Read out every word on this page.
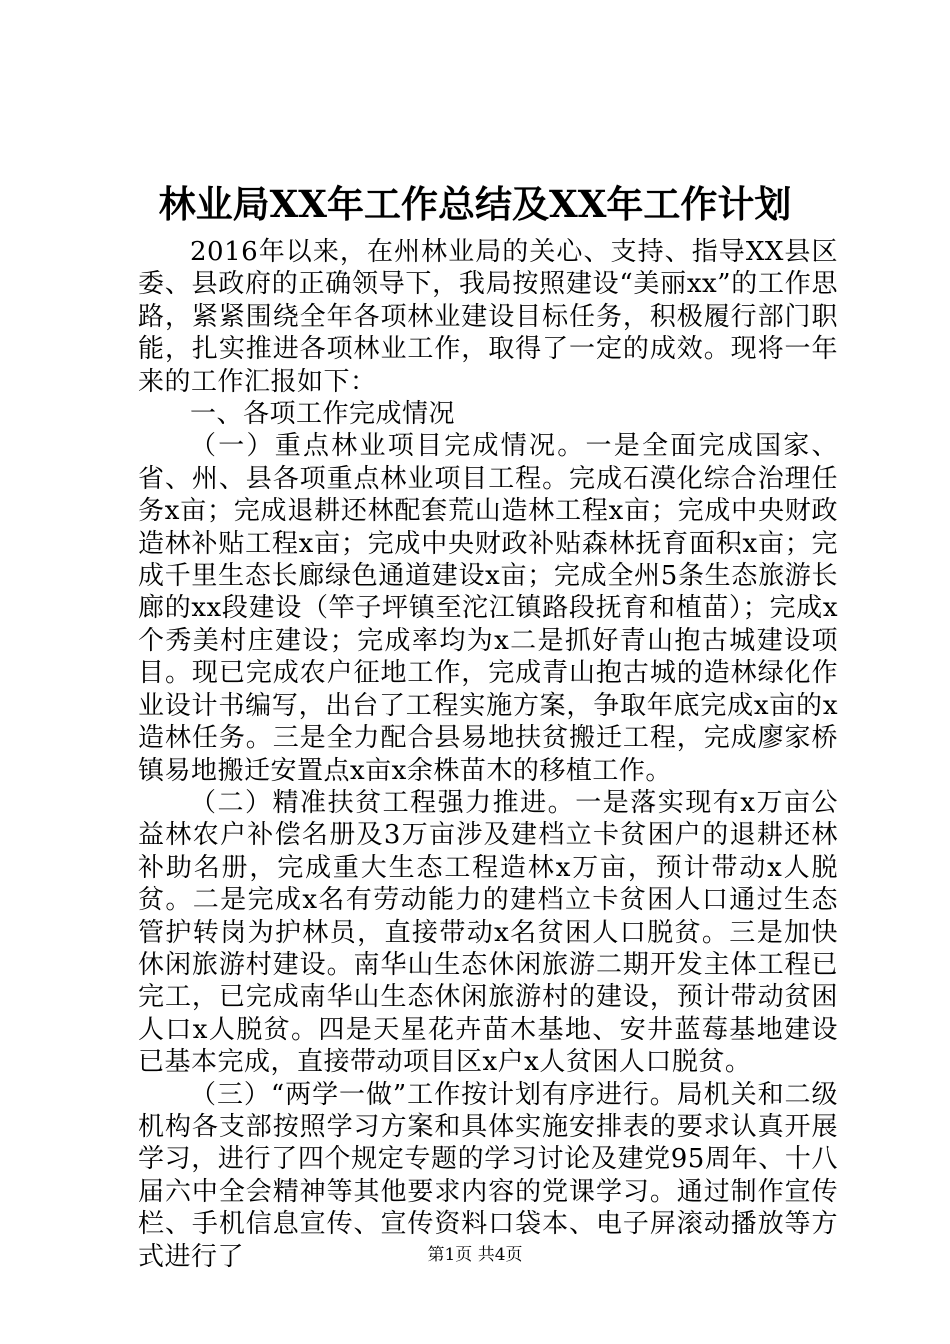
林业局XX年工作总结及XX年工作计划

2016年以来，在州林业局的关心、支持、指导XX县区委、县政府的正确领导下，我局按照建设“美丽xx”的工作思路，紧紧围绕全年各项林业建设目标任务，积极履行部门职能，扎实推进各项林业工作，取得了一定的成效。现将一年来的工作汇报如下：

一、各项工作完成情况

（一）重点林业项目完成情况。一是全面完成国家、省、州、县各项重点林业项目工程。完成石漠化综合治理任务x亩；完成退耕还林配套荒山造林工程x亩；完成中央财政造林补贴工程x亩；完成中央财政补贴森林抚育面积x亩；完成千里生态长廊绿色通道建设x亩；完成全州5条生态旅游长廊的xx段建设（竿子坪镇至沱江镇路段抚育和植苗）；完成x个秀美村庄建设；完成率均为x二是抓好青山抱古城建设项目。现已完成农户征地工作，完成青山抱古城的造林绿化作业设计书编写，出台了工程实施方案，争取年底完成x亩的x造林任务。三是全力配合县易地扶贫搬迁工程，完成廖家桥镇易地搬迁安置点x亩x余株苗木的移植工作。

（二）精准扶贫工程强力推进。一是落实现有x万亩公益林农户补偿名册及3万亩涉及建档立卡贫困户的退耕还林补助名册，完成重大生态工程造林x万亩，预计带动x人脱贫。二是完成x名有劳动能力的建档立卡贫困人口通过生态管护转岗为护林员，直接带动x名贫困人口脱贫。三是加快休闲旅游村建设。南华山生态休闲旅游二期开发主体工程已完工，已完成南华山生态休闲旅游村的建设，预计带动贫困人口x人脱贫。四是天星花卉苗木基地、安井蓝莓基地建设已基本完成，直接带动项目区x户x人贫困人口脱贫。

（三）“两学一做”工作按计划有序进行。局机关和二级机构各支部按照学习方案和具体实施安排表的要求认真开展学习，进行了四个规定专题的学习讨论及建党95周年、十八届六中全会精神等其他要求内容的党课学习。通过制作宣传栏、手机信息宣传、宣传资料口袋本、电子屏滚动播放等方式进行了	第1页 共4页
